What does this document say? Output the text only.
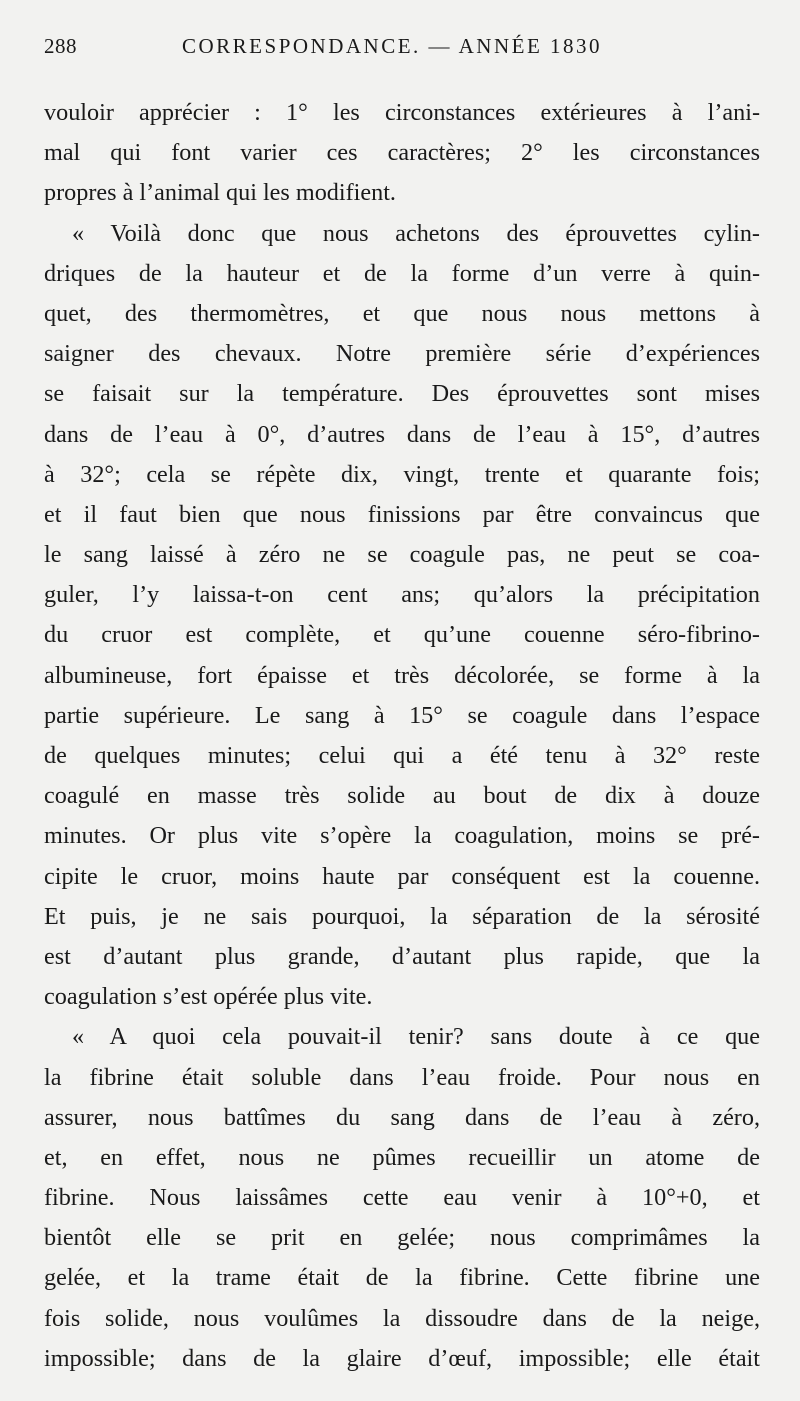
288	CORRESPONDANCE. — ANNÉE 1830
vouloir apprécier : 1° les circonstances extérieures à l’ani-
mal qui font varier ces caractères; 2° les circonstances
propres à l’animal qui les modifient.
« Voilà donc que nous achetons des éprouvettes cylin-
driques de la hauteur et de la forme d’un verre à quin-
quet, des thermomètres, et que nous nous mettons à
saigner des chevaux. Notre première série d’expériences
se faisait sur la température. Des éprouvettes sont mises
dans de l’eau à 0°, d’autres dans de l’eau à 15°, d’autres
à 32°; cela se répète dix, vingt, trente et quarante fois;
et il faut bien que nous finissions par être convaincus que
le sang laissé à zéro ne se coagule pas, ne peut se coa-
guler, l’y laissa-t-on cent ans; qu’alors la précipitation
du cruor est complète, et qu’une couenne séro-fibrino-
albumineuse, fort épaisse et très décolorée, se forme à la
partie supérieure. Le sang à 15° se coagule dans l’espace
de quelques minutes; celui qui a été tenu à 32° reste
coagulé en masse très solide au bout de dix à douze
minutes. Or plus vite s’opère la coagulation, moins se pré-
cipite le cruor, moins haute par conséquent est la couenne.
Et puis, je ne sais pourquoi, la séparation de la sérosité
est d’autant plus grande, d’autant plus rapide, que la
coagulation s’est opérée plus vite.
« A quoi cela pouvait-il tenir? sans doute à ce que
la fibrine était soluble dans l’eau froide. Pour nous en
assurer, nous battîmes du sang dans de l’eau à zéro,
et, en effet, nous ne pûmes recueillir un atome de
fibrine. Nous laissâmes cette eau venir à 10°+0, et
bientôt elle se prit en gelée; nous comprimâmes la
gelée, et la trame était de la fibrine. Cette fibrine une
fois solide, nous voulûmes la dissoudre dans de la neige,
impossible; dans de la glaire d’œuf, impossible; elle était
